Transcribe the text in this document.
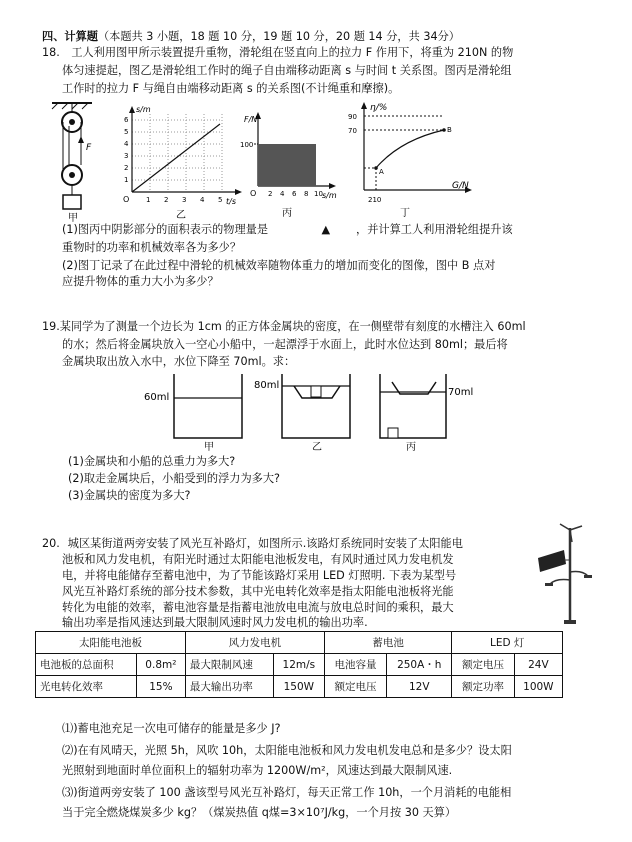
四、计算题（本题共 3 小题，18 题 10 分，19 题 10 分，20 题 14 分，共 34分）
18. 工人利用图甲所示装置提升重物，滑轮组在竖直向上的拉力 F 作用下，将重为 210N 的物
体匀速提起，图乙是滑轮组工作时的绳子自由端移动距离 s 与时间 t 关系图。图丙是滑轮组
工作时的拉力 F 与绳自由端移动距离 s 的关系图(不计绳重和摩擦)。
F
甲
s/m
t/s
O 1 2 3 4 5
1
2
3
4
5
6
乙
F/N
100
O 2 4 6 8 10 s/m
丙
A
B
η/%
90
70
G/N
210
丁
(1)图丙中阴影部分的面积表示的物理量是	▲ ，并计算工人利用滑轮组提升该
重物时的功率和机械效率各为多少？
(2)图丁记录了在此过程中滑轮的机械效率随物体重力的增加而变化的图像，图中 B 点对
应提升物体的重力大小为多少？
19.某同学为了测量一个边长为 1cm 的正方体金属块的密度，在一侧壁带有刻度的水槽注入 60ml
的水；然后将金属块放入一空心小船中，一起漂浮于水面上，此时水位达到 80ml；最后将
金属块取出放入水中，水位下降至 70ml。求：
60ml
甲
80ml
乙
70ml
丙
(1)金属块和小船的总重力为多大?
(2)取走金属块后，小船受到的浮力为多大?
(3)金属块的密度为多大?
20. 城区某街道两旁安装了风光互补路灯，如图所示.该路灯系统同时安装了太阳能电
池板和风力发电机，有阳光时通过太阳能电池板发电，有风时通过风力发电机发
电，并将电能储存至蓄电池中，为了节能该路灯采用 LED 灯照明. 下表为某型号
风光互补路灯系统的部分技术参数，其中光电转化效率是指太阳能电池板将光能
转化为电能的效率，蓄电池容量是指蓄电池放电电流与放电总时间的乘积，最大
输出功率是指风速达到最大限制风速时风力发电机的输出功率.
太阳能电池板		风力发电机		蓄电池		LED 灯	
电池板的总面积	0.8m²	最大限制风速	12m/s	电池容量	250A・h	额定电压	24V
光电转化效率	15%	最大输出功率	150W	额定电压	12V	额定功率	100W
⑴)蓄电池充足一次电可储存的能量是多少 J?
⑵)在有风晴天，光照 5h，风吹 10h，太阳能电池板和风力发电机发电总和是多少？设太阳
光照射到地面时单位面积上的辐射功率为 1200W/m²，风速达到最大限制风速.
⑶)街道两旁安装了 100 盏该型号风光互补路灯，每天正常工作 10h，一个月消耗的电能相
当于完全燃烧煤炭多少 kg？（煤炭热值 q煤=3×10⁷J/kg，一个月按 30 天算）
